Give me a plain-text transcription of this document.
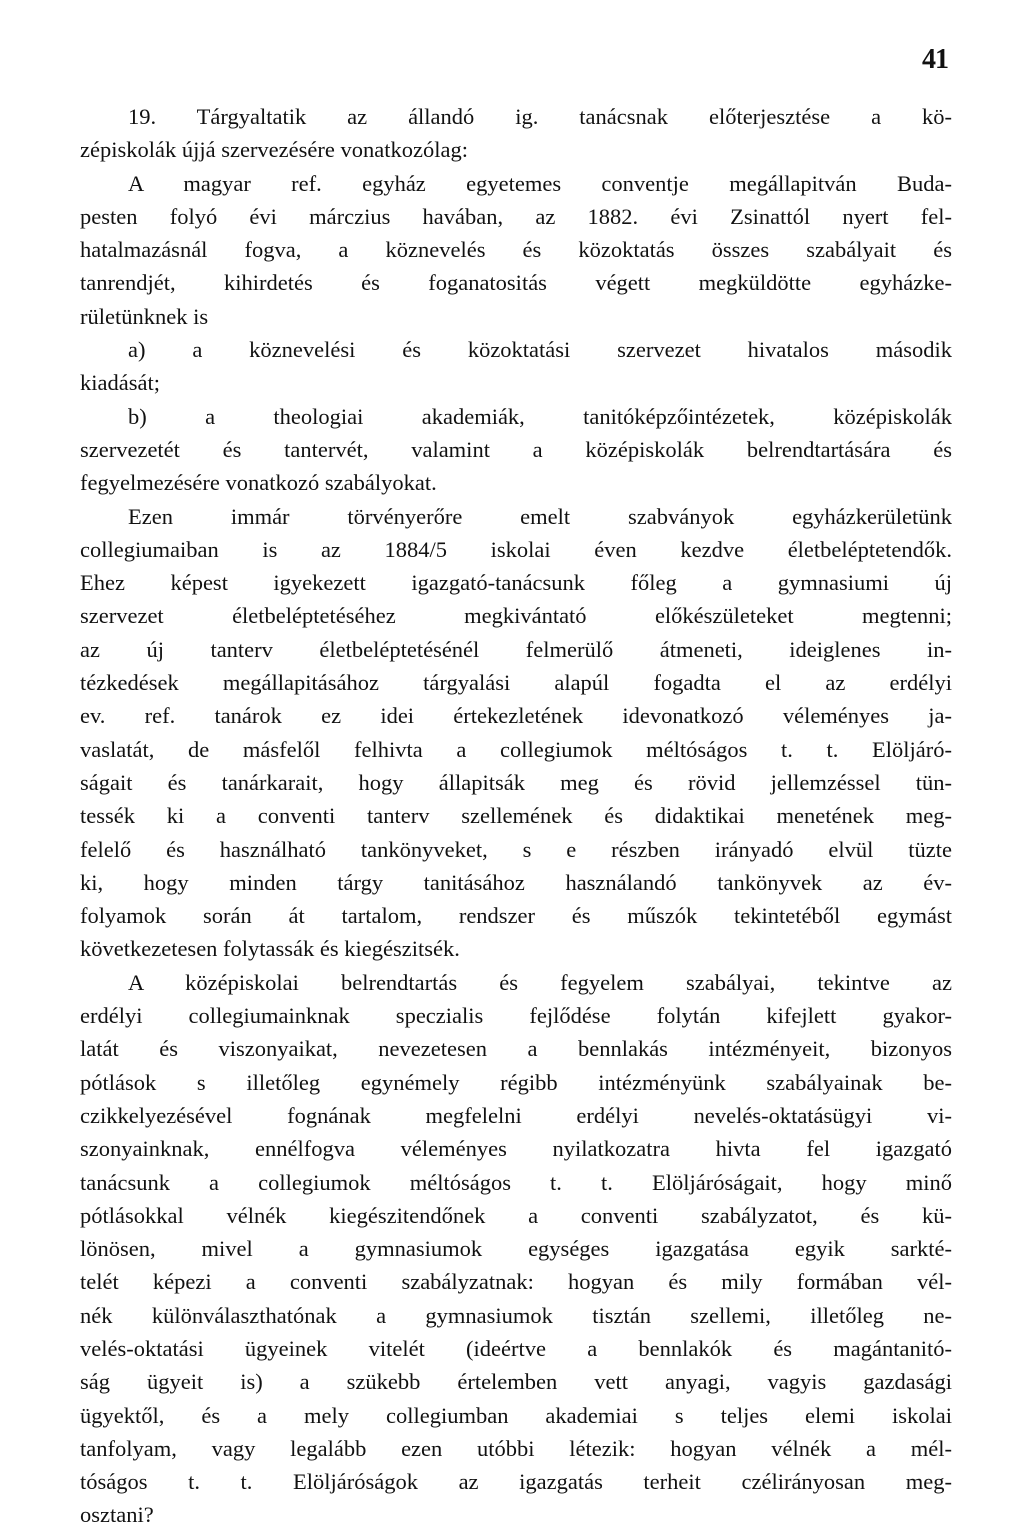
41
19. Tárgyaltatik az állandó ig. tanácsnak előterjesztése a kö-
zépiskolák újjá szervezésére vonatkozólag:
A magyar ref. egyház egyetemes conventje megállapitván Buda-
pesten folyó évi márczius havában, az 1882. évi Zsinattól nyert fel-
hatalmazásnál fogva, a köznevelés és közoktatás összes szabályait és
tanrendjét, kihirdetés és foganatositás végett megküldötte egyházke-
rületünknek is
a) a köznevelési és közoktatási szervezet hivatalos második
kiadását;
b) a theologiai akademiák, tanitóképzőintézetek, középiskolák
szervezetét és tantervét, valamint a középiskolák belrendtartására és
fegyelmezésére vonatkozó szabályokat.
Ezen immár törvényerőre emelt szabványok egyházkerületünk
collegiumaiban is az 1884/5 iskolai éven kezdve életbeléptetendők.
Ehez képest igyekezett igazgató-tanácsunk főleg a gymnasiumi új
szervezet életbeléptetéséhez megkivántató előkészületeket megtenni;
az új tanterv életbeléptetésénél felmerülő átmeneti, ideiglenes in-
tézkedések megállapitásához tárgyalási alapúl fogadta el az erdélyi
ev. ref. tanárok ez idei értekezletének idevonatkozó véleményes ja-
vaslatát, de másfelől felhivta a collegiumok méltóságos t. t. Elöljáró-
ságait és tanárkarait, hogy állapitsák meg és rövid jellemzéssel tün-
tessék ki a conventi tanterv szellemének és didaktikai menetének meg-
felelő és használható tankönyveket, s e részben irányadó elvül tüzte
ki, hogy minden tárgy tanitásához használandó tankönyvek az év-
folyamok során át tartalom, rendszer és műszók tekintetéből egymást
következetesen folytassák és kiegészitsék.
A középiskolai belrendtartás és fegyelem szabályai, tekintve az
erdélyi collegiumainknak speczialis fejlődése folytán kifejlett gyakor-
latát és viszonyaikat, nevezetesen a bennlakás intézményeit, bizonyos
pótlások s illetőleg egynémely régibb intézményünk szabályainak be-
czikkelyezésével fognának megfelelni erdélyi nevelés-oktatásügyi vi-
szonyainknak, ennélfogva véleményes nyilatkozatra hivta fel igazgató
tanácsunk a collegiumok méltóságos t. t. Elöljáróságait, hogy minő
pótlásokkal vélnék kiegészitendőnek a conventi szabályzatot, és kü-
lönösen, mivel a gymnasiumok egységes igazgatása egyik sarkté-
telét képezi a conventi szabályzatnak: hogyan és mily formában vél-
nék különválaszthatónak a gymnasiumok tisztán szellemi, illetőleg ne-
velés-oktatási ügyeinek vitelét (ideértve a bennlakók és magántanitó-
ság ügyeit is) a szükebb értelemben vett anyagi, vagyis gazdasági
ügyektől, és a mely collegiumban akademiai s teljes elemi iskolai
tanfolyam, vagy legalább ezen utóbbi létezik: hogyan vélnék a mél-
tóságos t. t. Elöljáróságok az igazgatás terheit czélirányosan meg-
osztani?
